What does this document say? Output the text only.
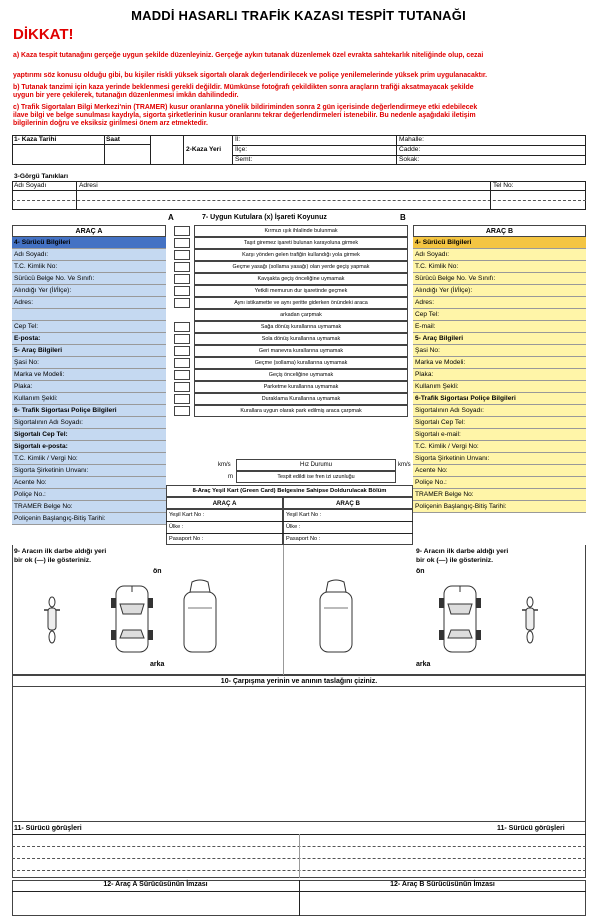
MADDİ HASARLI TRAFİK KAZASI TESPİT TUTANAĞI
DİKKAT!
a) Kaza tespit tutanağını gerçeğe uygun şekilde düzenleyiniz. Gerçeğe aykırı tutanak düzenlemek özel evrakta sahtekarlık niteliğinde olup, cezai
yaptırımı söz konusu olduğu gibi, bu kişiler riskli yüksek sigortalı olarak değerlendirilecek ve poliçe yenilemelerinde yüksek prim uygulanacaktır.
b) Tutanak tanzimi için kaza yerinde beklenmesi gerekli değildir. Mümkünse fotoğrafı çekildikten sonra araçların trafiği aksatmayacak şekilde
uygun bir yere çekilerek, tutanağın düzenlenmesi imkân dahilindedir.
c) Trafik Sigortaları Bilgi Merkezi'nin (TRAMER) kusur oranlarına yönelik bildiriminden sonra 2 gün içerisinde değerlendirmeye etki edebilecek
ilave bilgi ve belge sunulması kaydıyla, sigorta şirketlerinin kusur oranlarını tekrar değerlendirmeleri istenebilir. Bu nedenle aşağıdaki iletişim
bilgilerinin doğru ve eksiksiz girilmesi önem arz etmektedir.
1- Kaza Tarihi	Saat
2-Kaza Yeri
İl:
İlçe:
Semt:
Mahalle:
Cadde:
Sokak:
3-Görgü Tanıkları
Adı Soyadı	Adresi	Tel No:
A	7- Uygun Kutulara (x) İşareti Koyunuz	B
ARAÇ A
4- Sürücü Bilgileri
Adı Soyadı:
T.C. Kimlik No:
Sürücü Belge No. Ve Sınıfı:
Alındığı Yer (İl/İlçe):
Adres:
Cep Tel:
E-posta:
5- Araç Bilgileri
Şasi No:
Marka ve Modeli:
Plaka:
Kullanım Şekli:
6- Trafik Sigortası Poliçe Bilgileri
Sigortalının Adı Soyadı:
Sigortalı Cep Tel:
Sigortalı e-posta:
T.C. Kimlik / Vergi No:
Sigorta Şirketinin Unvanı:
Acente No:
Poliçe No.:
TRAMER Belge No:
Poliçenin Başlangıç-Bitiş Tarihi:
ARAÇ B
4- Sürücü Bilgileri
Adı Soyadı:
T.C. Kimlik No:
Sürücü Belge No. Ve Sınıfı:
Alındığı Yer (İl/İlçe):
Adres:
Cep Tel:
E-mail:
5- Araç Bilgileri
Şasi No:
Marka ve Modeli:
Plaka:
Kullanım Şekli:
6-Trafik Sigortası Poliçe Bilgileri
Sigortalının Adı Soyadı:
Sigortalı Cep Tel:
Sigortalı e-mail:
T.C. Kimlik / Vergi No:
Sigorta Şirketinin Unvanı:
Acente No:
Poliçe No.:
TRAMER Belge No:
Poliçenin Başlangıç-Bitiş Tarihi:
Kırmızı ışık ihlalinde bulunmak
Taşıt giremez işareti bulunan karayoluna girmek
Karşı yönden gelen trafiğin kullandığı yola girmek
Geçme yasağı (sollama yasağı) olan yerde geçiş yapmak
Kavşakta geçiş önceliğine uymamak
Yetkili memurun dur işaretinde geçmek
Aynı istikamette ve aynı şeritte giderken önündeki araca
arkadan çarpmak
Sağa dönüş kurallarına uymamak
Sola dönüş kurallarına uymamak
Geri manevra kurallarına uymamak
Geçme (sollama) kurallarına uymamak
Geçiş önceliğine uymamak
Parketme kurallarına uymamak
Duraklama Kurallarına uymamak
Kurallara uygun olarak park edilmiş araca çarpmak
km/s	Hız Durumu	km/s
Tespit edildi ise fren izi uzunluğu
m
8-Araç Yeşil Kart (Green Card) Belgesine Sahipse Doldurulacak Bölüm
ARAÇ A	ARAÇ B
Yeşil Kart No :
Ülke :
Pasaport No :
Yeşil Kart No :
Ülke :
Pasaport No :
9- Aracın ilk darbe aldığı yeri
bir ok (—) ile gösteriniz.
9- Aracın ilk darbe aldığı yeri
bir ok (—) ile gösteriniz.
ön
arka
ön
arka
10- Çarpışma yerinin ve anının taslağını çiziniz.
11- Sürücü görüşleri	11- Sürücü görüşleri
12- Araç A Sürücüsünün İmzası	12- Araç B Sürücüsünün İmzası
